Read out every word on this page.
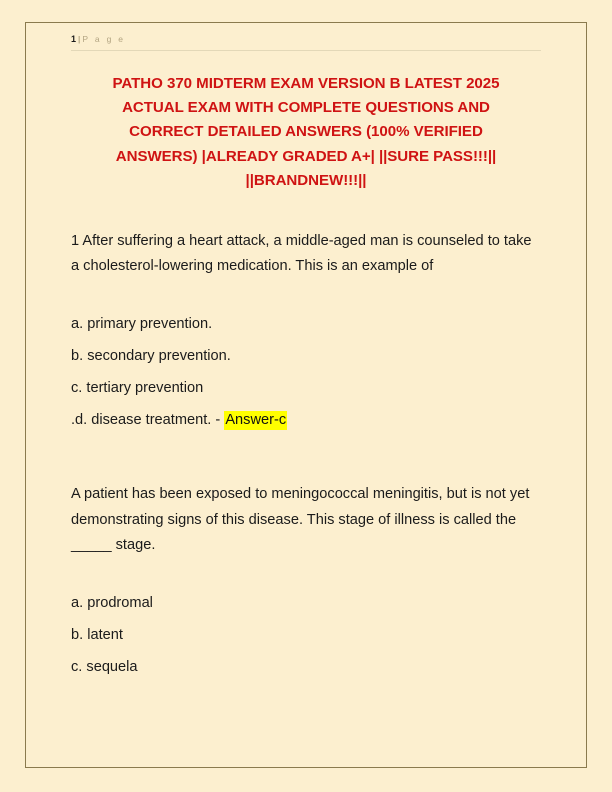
1 | P a g e
PATHO 370 MIDTERM EXAM VERSION B LATEST 2025
ACTUAL EXAM WITH COMPLETE QUESTIONS AND
CORRECT DETAILED ANSWERS (100% VERIFIED
ANSWERS) |ALREADY GRADED A+| ||SURE PASS!!!||
||BRANDNEW!!!||
1 After suffering a heart attack, a middle-aged man is counseled to take a cholesterol-lowering medication. This is an example of
a. primary prevention.
b. secondary prevention.
c. tertiary prevention
.d. disease treatment. - Answer-c
A patient has been exposed to meningococcal meningitis, but is not yet demonstrating signs of this disease. This stage of illness is called the _____ stage.
a. prodromal
b. latent
c. sequela
